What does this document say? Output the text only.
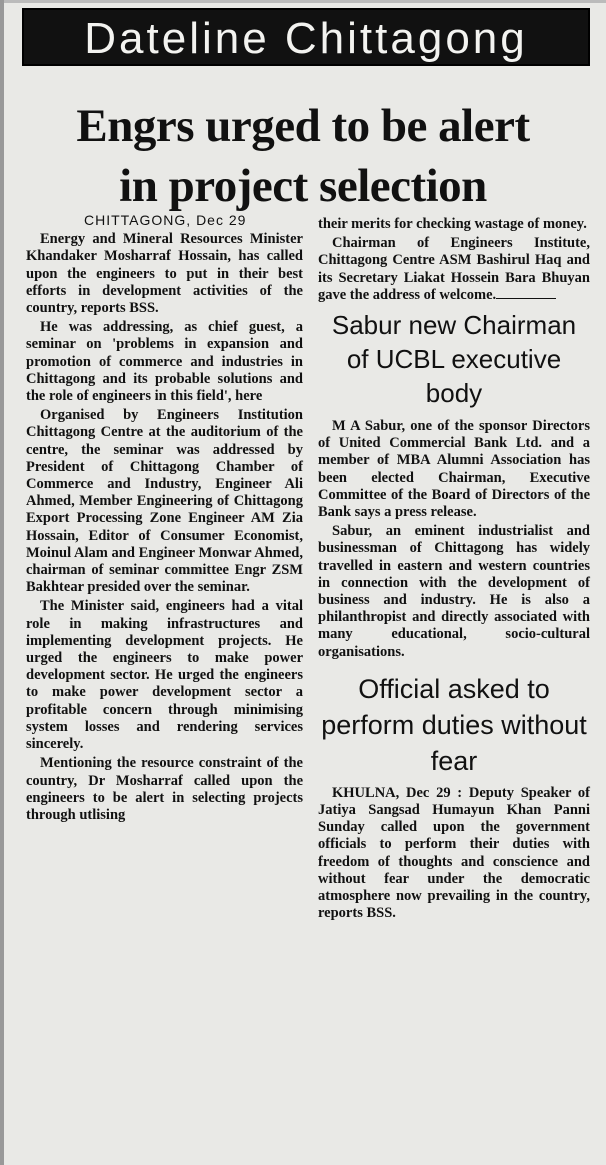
Dateline Chittagong
Engrs urged to be alert
in project selection
CHITTAGONG, Dec 29

Energy and Mineral Resources Minister Khandaker Mosharraf Hossain, has called upon the engineers to put in their best efforts in development activities of the country, reports BSS.

He was addressing, as chief guest, a seminar on 'problems in expansion and promotion of commerce and industries in Chittagong and its probable solutions and the role of engineers in this field', here

Organised by Engineers Institution Chittagong Centre at the auditorium of the centre, the seminar was addressed by President of Chittagong Chamber of Commerce and Industry, Engineer Ali Ahmed, Member Engineering of Chittagong Export Processing Zone Engineer AM Zia Hossain, Editor of Consumer Economist, Moinul Alam and Engineer Monwar Ahmed, chairman of seminar committee Engr ZSM Bakhtear presided over the seminar.

The Minister said, engineers had a vital role in making infrastructures and implementing development projects. He urged the engineers to make power development sector. He urged the engineers to make power development sector a profitable concern through minimising system losses and rendering services sincerely.

Mentioning the resource constraint of the country, Dr Mosharraf called upon the engineers to be alert in selecting projects through utlising

their merits for checking wastage of money.

Chairman of Engineers Institute, Chittagong Centre ASM Bashirul Haq and its Secretary Liakat Hossein Bara Bhuyan gave the address of welcome.

Sabur new Chairman of UCBL executive body

M A Sabur, one of the sponsor Directors of United Commercial Bank Ltd. and a member of MBA Alumni Association has been elected Chairman, Executive Committee of the Board of Directors of the Bank says a press release.

Sabur, an eminent industrialist and businessman of Chittagong has widely travelled in eastern and western countries in connection with the development of business and industry. He is also a philanthropist and directly associated with many educational, socio-cultural organisations.

Official asked to perform duties without fear

KHULNA, Dec 29 : Deputy Speaker of Jatiya Sangsad Humayun Khan Panni Sunday called upon the government officials to perform their duties with freedom of thoughts and conscience and without fear under the democratic atmosphere now prevailing in the country, reports BSS.
